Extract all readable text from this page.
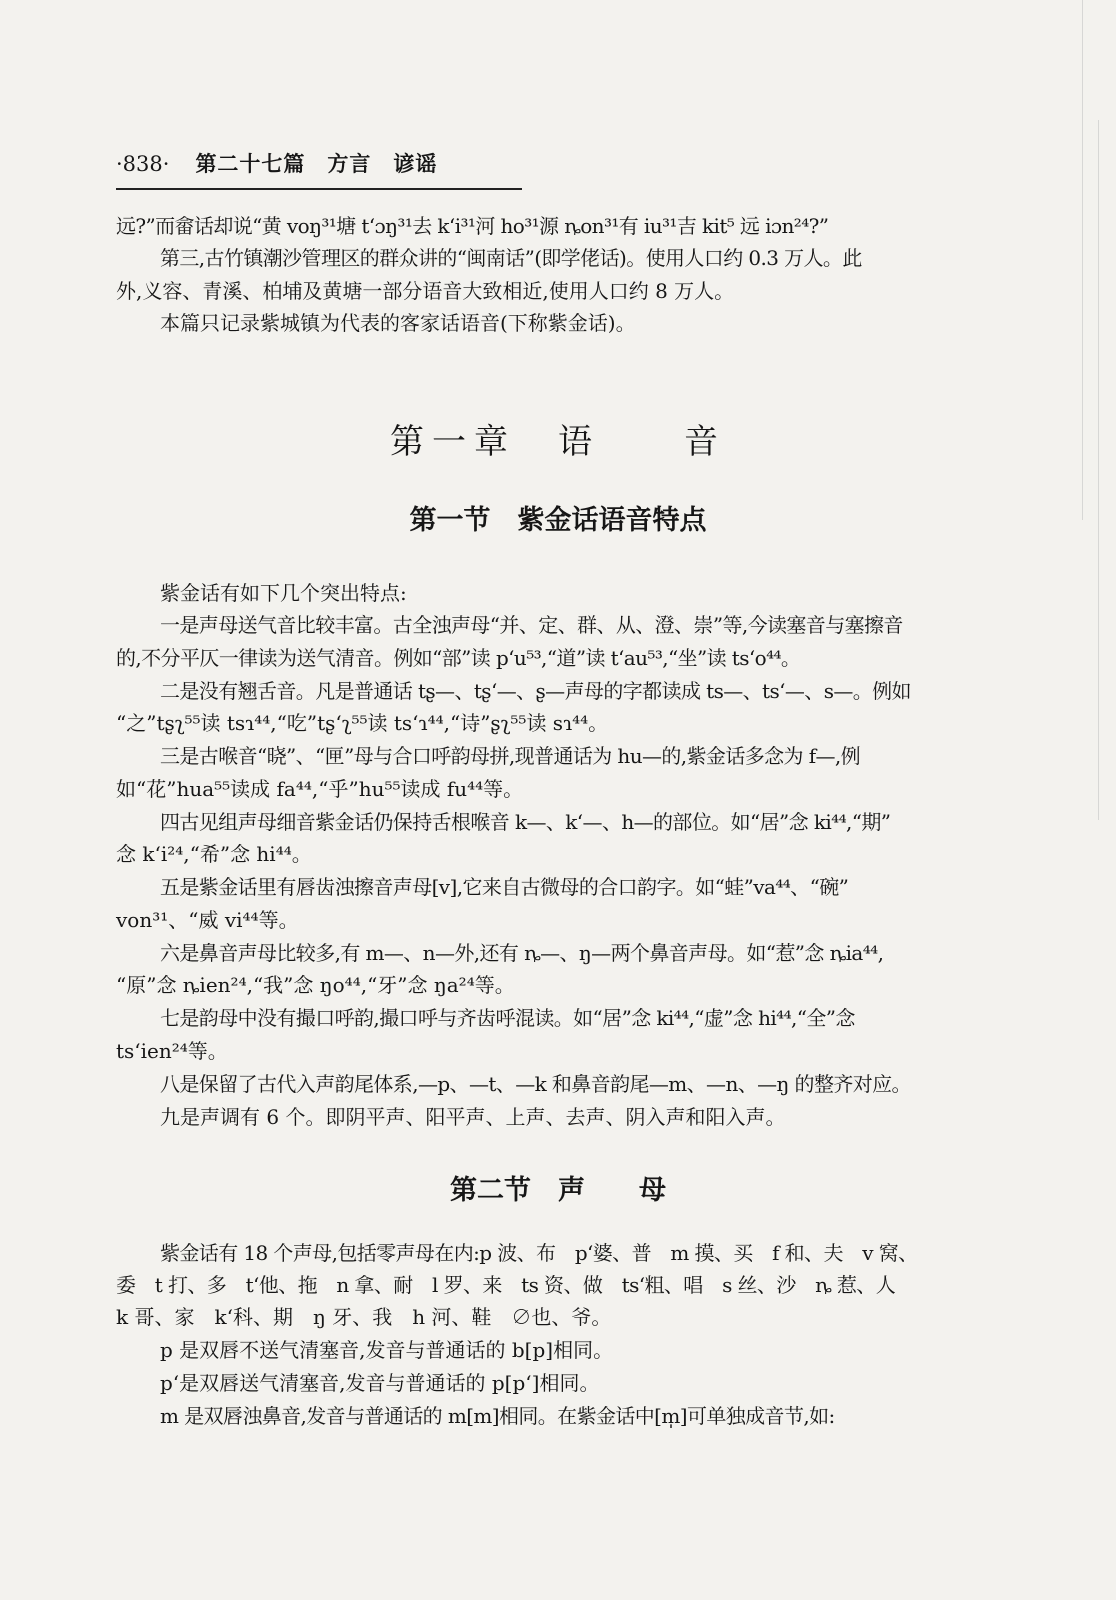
·838· 第二十七篇　方言　谚谣
远?”而畲话却说“黄 voŋ³¹塘 t‘ɔŋ³¹去 k‘i³¹河 ho³¹源 ȵon³¹有 iu³¹吉 kit⁵ 远 iɔn²⁴?”
第三,古竹镇潮沙管理区的群众讲的“闽南话”(即学佬话)。使用人口约 0.3 万人。此
外,义容、青溪、柏埔及黄塘一部分语音大致相近,使用人口约 8 万人。
本篇只记录紫城镇为代表的客家话语音(下称紫金话)。
第一章　语　　音
第一节　紫金话语音特点
紫金话有如下几个突出特点:
一是声母送气音比较丰富。古全浊声母“并、定、群、从、澄、崇”等,今读塞音与塞擦音
的,不分平仄一律读为送气清音。例如“部”读 p‘u⁵³,“道”读 t‘au⁵³,“坐”读 ts‘o⁴⁴。
二是没有翘舌音。凡是普通话 tʂ—、tʂ‘—、ʂ—声母的字都读成 ts—、ts‘—、s—。例如
“之”tʂʅ⁵⁵读 tsɿ⁴⁴,“吃”tʂ‘ʅ⁵⁵读 ts‘ɿ⁴⁴,“诗”ʂʅ⁵⁵读 sɿ⁴⁴。
三是古喉音“晓”、“匣”母与合口呼韵母拼,现普通话为 hu—的,紫金话多念为 f—,例
如“花”hua⁵⁵读成 fa⁴⁴,“乎”hu⁵⁵读成 fu⁴⁴等。
四古见组声母细音紫金话仍保持舌根喉音 k—、k‘—、h—的部位。如“居”念 ki⁴⁴,“期”
念 k‘i²⁴,“希”念 hi⁴⁴。
五是紫金话里有唇齿浊擦音声母[v],它来自古微母的合口韵字。如“蛙”va⁴⁴、“碗”
von³¹、“威 vi⁴⁴等。
六是鼻音声母比较多,有 m—、n—外,还有 ȵ—、ŋ—两个鼻音声母。如“惹”念 ȵia⁴⁴,
“原”念 ȵien²⁴,“我”念 ŋo⁴⁴,“牙”念 ŋa²⁴等。
七是韵母中没有撮口呼韵,撮口呼与齐齿呼混读。如“居”念 ki⁴⁴,“虚”念 hi⁴⁴,“全”念
ts‘ien²⁴等。
八是保留了古代入声韵尾体系,—p、—t、—k 和鼻音韵尾—m、—n、—ŋ 的整齐对应。
九是声调有 6 个。即阴平声、阳平声、上声、去声、阴入声和阳入声。
第二节　声　　母
紫金话有 18 个声母,包括零声母在内:p 波、布　p‘婆、普　m 摸、买　f 和、夫　v 窝、
委　t 打、多　t‘他、拖　n 拿、耐　l 罗、来　ts 资、做　ts‘粗、唱　s 丝、沙　ȵ 惹、人
k 哥、家　k‘科、期　ŋ 牙、我　h 河、鞋　∅也、爷。
p 是双唇不送气清塞音,发音与普通话的 b[p]相同。
p‘是双唇送气清塞音,发音与普通话的 p[p‘]相同。
m 是双唇浊鼻音,发音与普通话的 m[m]相同。在紫金话中[m̩]可单独成音节,如:
